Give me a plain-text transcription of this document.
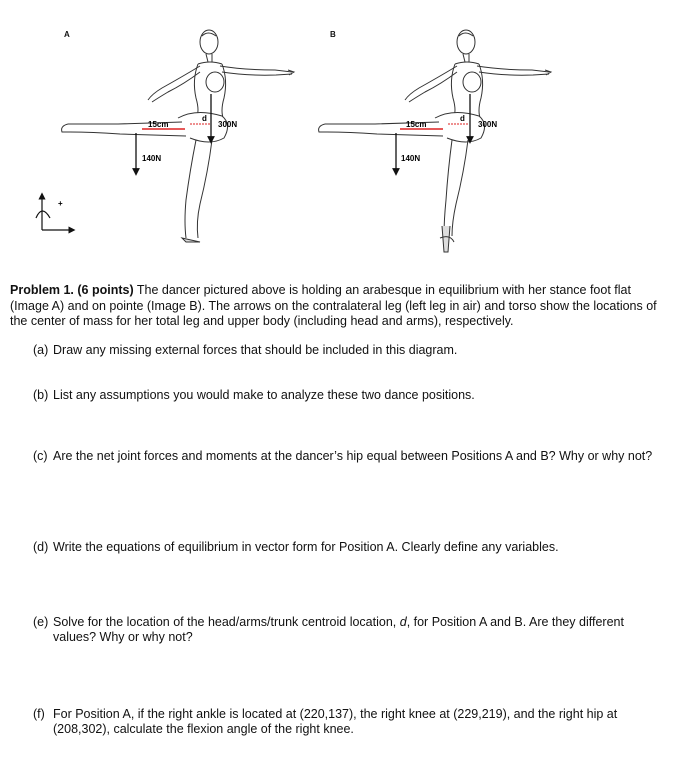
A	B
15cm
d
300N
140N
15cm
d
300N
140N
+
Problem 1. (6 points) The dancer pictured above is holding an arabesque in equilibrium with her stance foot flat (Image A) and on pointe (Image B). The arrows on the contralateral leg (left leg in air) and torso show the locations of the center of mass for her total leg and upper body (including head and arms), respectively.
(a) Draw any missing external forces that should be included in this diagram.
(b) List any assumptions you would make to analyze these two dance positions.
(c) Are the net joint forces and moments at the dancer’s hip equal between Positions A and B? Why or why not?
(d) Write the equations of equilibrium in vector form for Position A. Clearly define any variables.
(e) Solve for the location of the head/arms/trunk centroid location, d, for Position A and B. Are they different values? Why or why not?
(f) For Position A, if the right ankle is located at (220,137), the right knee at (229,219), and the right hip at (208,302), calculate the flexion angle of the right knee.
